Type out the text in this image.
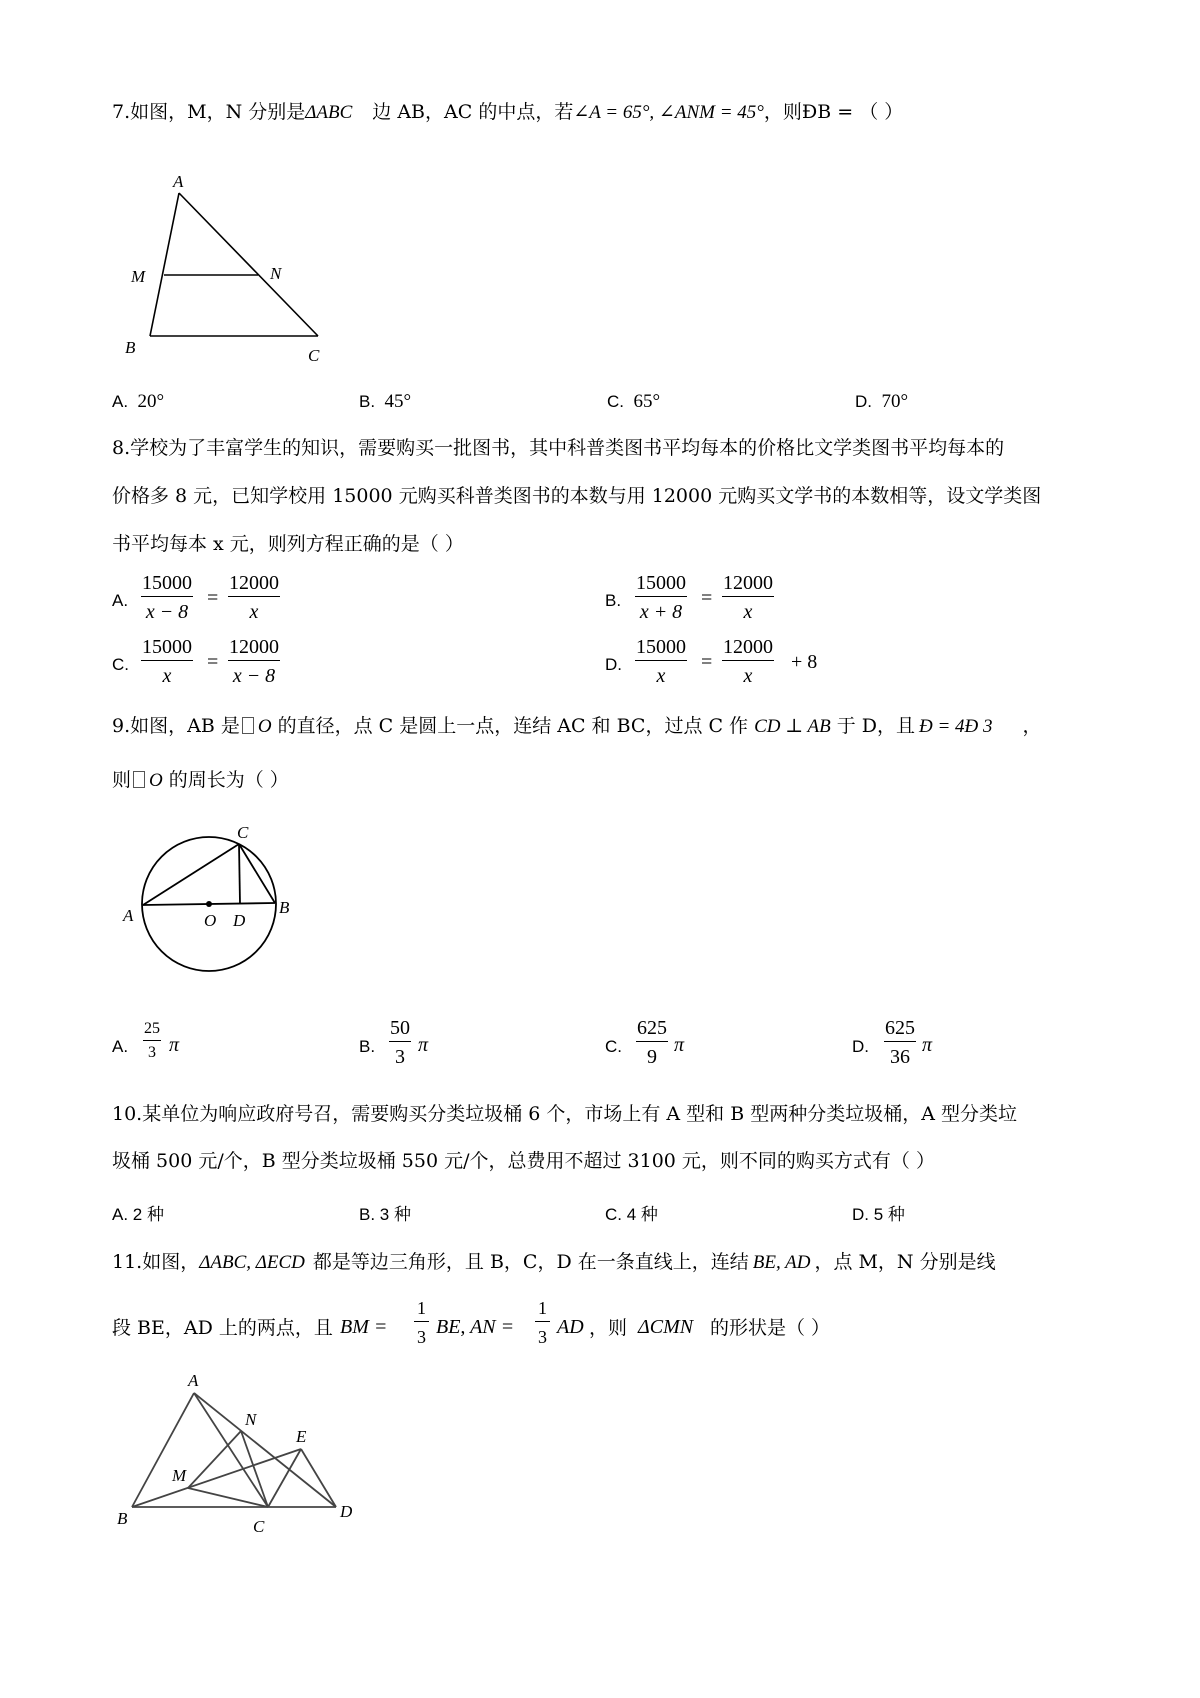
7.如图，M，N 分别是ΔABC 边 AB，AC 的中点，若∠A = 65°, ∠ANM = 45°，则ÐB = （ ）
A
M	N
B	C
A. 20°	B. 45°	C. 65°	D. 70°
8.学校为了丰富学生的知识，需要购买一批图书，其中科普类图书平均每本的价格比文学类图书平均每本的
价格多 8 元，已知学校用 15000 元购买科普类图书的本数与用 12000 元购买文学书的本数相等，设文学类图
书平均每本 x 元，则列方程正确的是（ ）
A. $\frac{15000}{x - 8} = \frac{12000}{x}$	B. $\frac{15000}{x + 8} = \frac{12000}{x}$
C. $\frac{15000}{x} = \frac{12000}{x - 8}$	D. $\frac{15000}{x} = \frac{12000}{x} + 8$
9.如图，AB 是 O 的直径，点 C 是圆上一点，连结 AC 和 BC，过点 C 作 CD ⊥ AB 于 D，且 Ð = 4Ð 3 ，
则 O 的周长为（ ）
C
A	O D
B
A. $\frac{25}{3}$ π	B. $\frac{50}{3}$ π	C. $\frac{625}{9}$ π	D. $\frac{625}{36}$ π
10.某单位为响应政府号召，需要购买分类垃圾桶 6 个，市场上有 A 型和 B 型两种分类垃圾桶，A 型分类垃
圾桶 500 元/个，B 型分类垃圾桶 550 元/个，总费用不超过 3100 元，则不同的购买方式有（ ）
A. 2 种	B. 3 种	C. 4 种	D. 5 种
11.如图，ΔABC, ΔECD 都是等边三角形，且 B，C，D 在一条直线上，连结 BE, AD ，点 M，N 分别是线
段 BE，AD 上的两点，且 BM = $\frac{1}{3}$ BE, AN = $\frac{1}{3}$ AD ，则 ΔCMN 的形状是（ ）
A
N
E
M
B	C
D
